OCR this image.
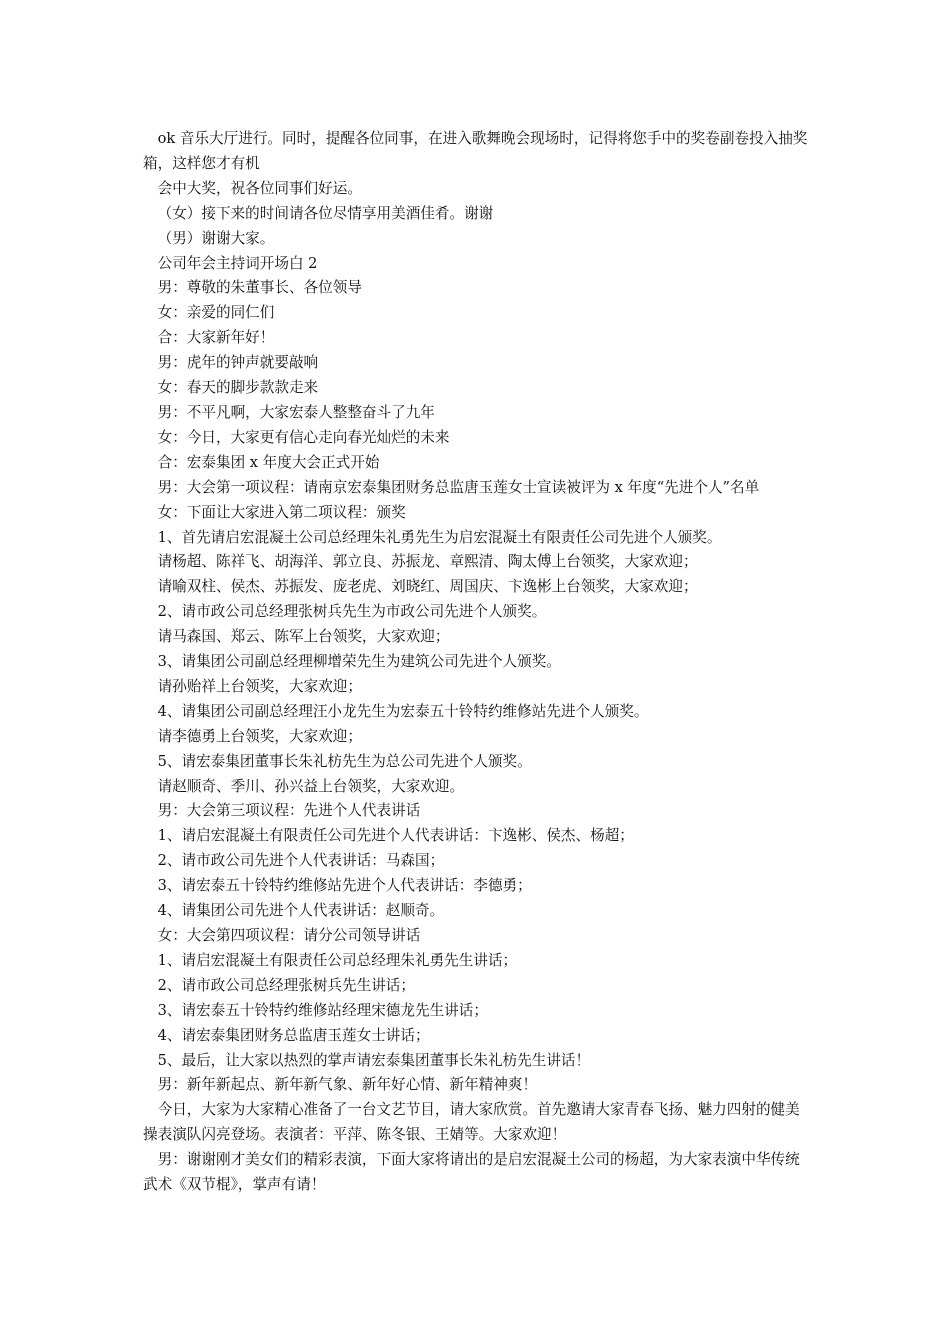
ok 音乐大厅进行。同时，提醒各位同事，在进入歌舞晚会现场时，记得将您手中的奖卷副卷投入抽奖箱，这样您才有机

会中大奖，祝各位同事们好运。

（女）接下来的时间请各位尽情享用美酒佳肴。谢谢

（男）谢谢大家。

公司年会主持词开场白 2

男：尊敬的朱董事长、各位领导

女：亲爱的同仁们

合：大家新年好！

男：虎年的钟声就要敲响

女：春天的脚步款款走来

男：不平凡啊，大家宏泰人整整奋斗了九年

女：今日，大家更有信心走向春光灿烂的未来

合：宏泰集团 x 年度大会正式开始

男：大会第一项议程：请南京宏泰集团财务总监唐玉莲女士宣读被评为 x 年度“先进个人”名单

女：下面让大家进入第二项议程：颁奖

1、首先请启宏混凝土公司总经理朱礼勇先生为启宏混凝土有限责任公司先进个人颁奖。

请杨超、陈祥飞、胡海洋、郭立良、苏振龙、章熙清、陶太傅上台领奖，大家欢迎；

请喻双柱、侯杰、苏振发、庞老虎、刘晓红、周国庆、卞逸彬上台领奖，大家欢迎；

2、请市政公司总经理张树兵先生为市政公司先进个人颁奖。

请马森国、郑云、陈军上台领奖，大家欢迎；

3、请集团公司副总经理柳增荣先生为建筑公司先进个人颁奖。

请孙贻祥上台领奖，大家欢迎；

4、请集团公司副总经理汪小龙先生为宏泰五十铃特约维修站先进个人颁奖。

请李德勇上台领奖，大家欢迎；

5、请宏泰集团董事长朱礼枋先生为总公司先进个人颁奖。

请赵顺奇、季川、孙兴益上台领奖，大家欢迎。

男：大会第三项议程：先进个人代表讲话

1、请启宏混凝土有限责任公司先进个人代表讲话：卞逸彬、侯杰、杨超；

2、请市政公司先进个人代表讲话：马森国；

3、请宏泰五十铃特约维修站先进个人代表讲话：李德勇；

4、请集团公司先进个人代表讲话：赵顺奇。

女：大会第四项议程：请分公司领导讲话

1、请启宏混凝土有限责任公司总经理朱礼勇先生讲话；

2、请市政公司总经理张树兵先生讲话；

3、请宏泰五十铃特约维修站经理宋德龙先生讲话；

4、请宏泰集团财务总监唐玉莲女士讲话；

5、最后，让大家以热烈的掌声请宏泰集团董事长朱礼枋先生讲话！

男：新年新起点、新年新气象、新年好心情、新年精神爽！

今日，大家为大家精心准备了一台文艺节目，请大家欣赏。首先邀请大家青春飞扬、魅力四射的健美操表演队闪亮登场。表演者：平萍、陈冬银、王婧等。大家欢迎！

男：谢谢刚才美女们的精彩表演，下面大家将请出的是启宏混凝土公司的杨超，为大家表演中华传统武术《双节棍》，掌声有请！
